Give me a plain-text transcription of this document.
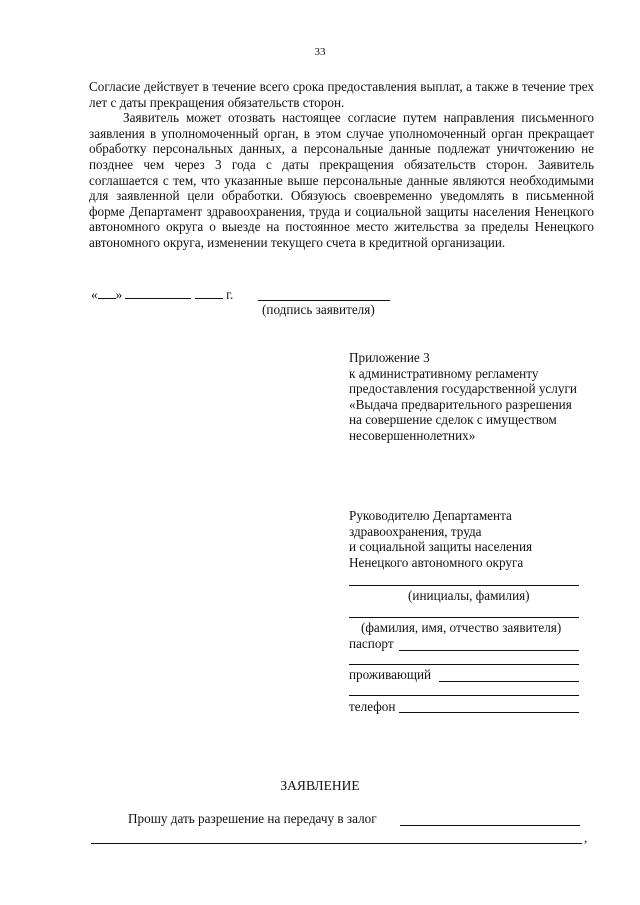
33

Согласие действует в течение всего срока предоставления выплат, а также в течение трех лет с даты прекращения обязательств сторон.

Заявитель может отозвать настоящее согласие путем направления письменного заявления в уполномоченный орган, в этом случае уполномоченный орган прекращает обработку персональных данных, а персональные данные подлежат уничтожению не позднее чем через 3 года с даты прекращения обязательств сторон. Заявитель соглашается с тем, что указанные выше персональные данные являются необходимыми для заявленной цели обработки. Обязуюсь своевременно уведомлять в письменной форме Департамент здравоохранения, труда и социальной защиты населения Ненецкого автономного округа о выезде на постоянное место жительства за пределы Ненецкого автономного округа, изменении текущего счета в кредитной организации.

« »	г.
(подпись заявителя)
Приложение 3
к административному регламенту
предоставления государственной услуги
«Выдача предварительного разрешения
на совершение сделок с имуществом
несовершеннолетних»
Руководителю Департамента
здравоохранения, труда
и социальной защиты населения
Ненецкого автономного округа
(инициалы, фамилия)
(фамилия, имя, отчество заявителя)
паспорт
проживающий
телефон
ЗАЯВЛЕНИЕ
Прошу дать разрешение на передачу в залог
,
